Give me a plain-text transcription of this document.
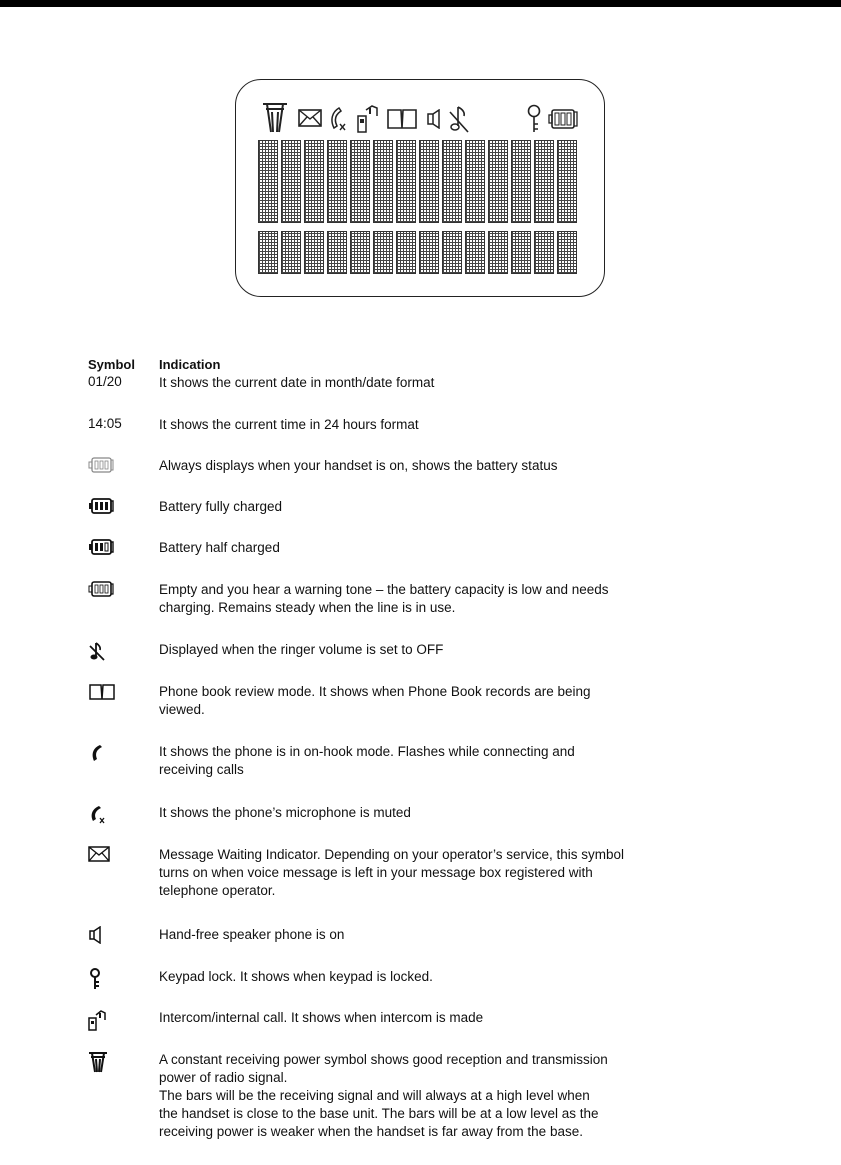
Symbol Indication
01/20	It shows the current date in month/date format
14:05	It shows the current time in 24 hours format
Always displays when your handset is on, shows the battery status
Battery fully charged
Battery half charged
Empty and you hear a warning tone – the battery capacity is low and needs
charging. Remains steady when the line is in use.
Displayed when the ringer volume is set to OFF
Phone book review mode. It shows when Phone Book records are being
viewed.
It shows the phone is in on-hook mode. Flashes while connecting and
receiving calls
It shows the phone’s microphone is muted
Message Waiting Indicator. Depending on your operator’s service, this symbol
turns on when voice message is left in your message box registered with
telephone operator.
Hand-free speaker phone is on
Keypad lock. It shows when keypad is locked.
Intercom/internal call. It shows when intercom is made
A constant receiving power symbol shows good reception and transmission
power of radio signal.
The bars will be the receiving signal and will always at a high level when
the handset is close to the base unit. The bars will be at a low level as the
receiving power is weaker when the handset is far away from the base.
